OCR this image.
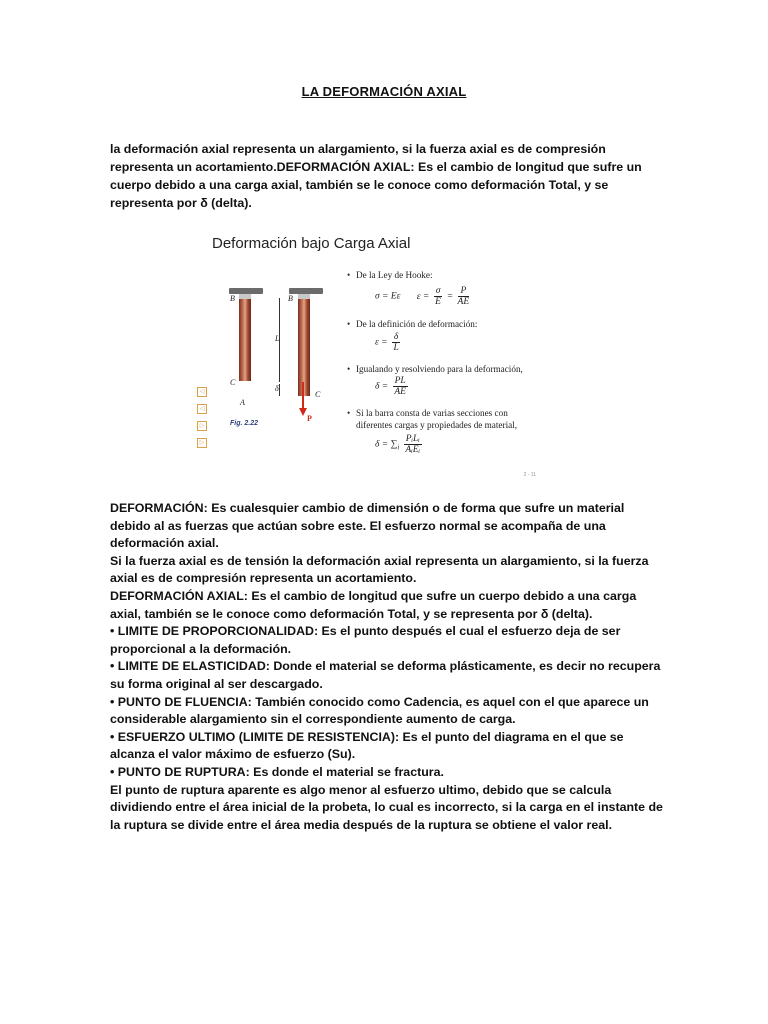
LA DEFORMACIÓN AXIAL
la deformación axial representa un alargamiento, si la fuerza axial es de compresión representa un acortamiento.DEFORMACIÓN AXIAL: Es el cambio de longitud que sufre un cuerpo debido a una carga axial, también se le conoce como deformación Total, y se representa por δ (delta).
Deformación bajo Carga Axial
B	B
L
δ
C
C
A
P
Fig. 2.22
◁
◁
▷
▷
• De la Ley de Hooke:
σ = Eε $\varepsilon = \frac{\sigma}{E} = \frac{P}{AE}$
• De la definición de deformación:
$\varepsilon = \frac{\delta}{L}$
• Igualando y resolviendo para la deformación,
$\delta = \frac{PL}{AE}$
• Si la barra consta de varias secciones con
diferentes cargas y propiedades de material,
$\delta = \sum_i \frac{\text{PᵢLᵢ}}{\text{AᵢEᵢ}}$
2 - 11
DEFORMACIÓN: Es cualesquier cambio de dimensión o de forma que sufre un material debido al as fuerzas que actúan sobre este. El esfuerzo normal se acompaña de una deformación axial.
Si la fuerza axial es de tensión la deformación axial representa un alargamiento, si la fuerza axial es de compresión representa un acortamiento.
DEFORMACIÓN AXIAL: Es el cambio de longitud que sufre un cuerpo debido a una carga axial, también se le conoce como deformación Total, y se representa por δ (delta).
• LIMITE DE PROPORCIONALIDAD: Es el punto después el cual el esfuerzo deja de ser proporcional a la deformación.
• LIMITE DE ELASTICIDAD: Donde el material se deforma plásticamente, es decir no recupera su forma original al ser descargado.
• PUNTO DE FLUENCIA: También conocido como Cadencia, es aquel con el que aparece un considerable alargamiento sin el correspondiente aumento de carga.
• ESFUERZO ULTIMO (LIMITE DE RESISTENCIA): Es el punto del diagrama en el que se alcanza el valor máximo de esfuerzo (Su).
• PUNTO DE RUPTURA: Es donde el material se fractura.
El punto de ruptura aparente es algo menor al esfuerzo ultimo, debido que se calcula dividiendo entre el área inicial de la probeta, lo cual es incorrecto, si la carga en el instante de la ruptura se divide entre el área media después de la ruptura se obtiene el valor real.
